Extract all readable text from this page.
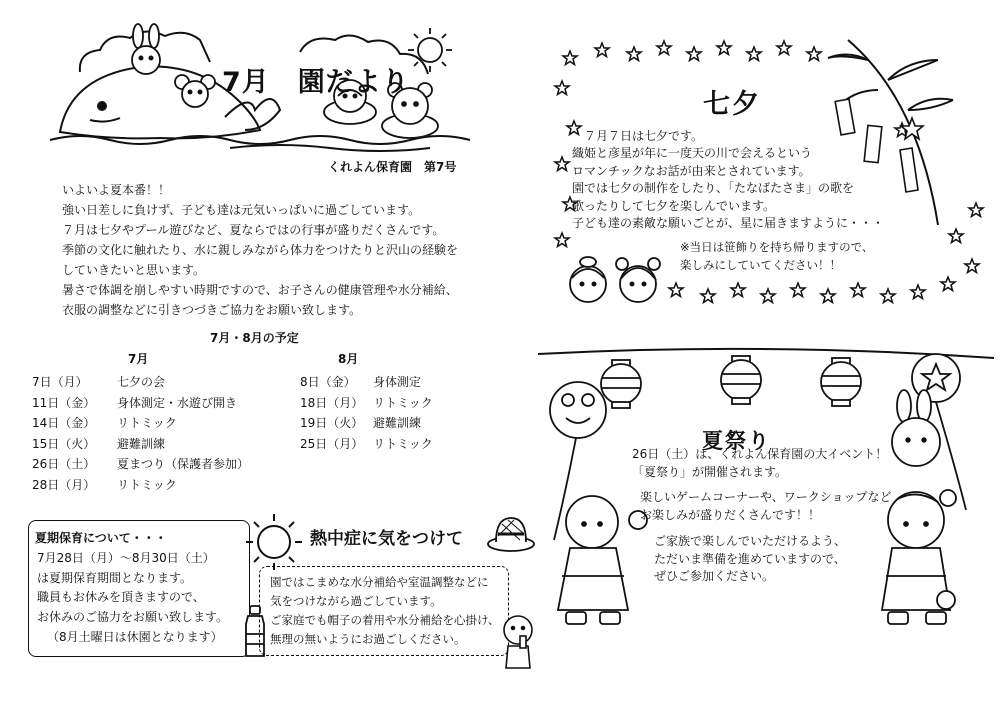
7月　園だより
くれよん保育園　第7号
いよいよ夏本番！！
強い日差しに負けず、子ども達は元気いっぱいに過ごしています。
７月は七夕やプール遊びなど、夏ならではの行事が盛りだくさんです。
季節の文化に触れたり、水に親しみながら体力をつけたりと沢山の経験を
していきたいと思います。
暑さで体調を崩しやすい時期ですので、お子さんの健康管理や水分補給、
衣服の調整などに引きつづきご協力をお願い致します。
7月・8月の予定
7月
7日（月）	七夕の会
11日（金）	身体測定・水遊び開き
14日（金）	リトミック
15日（火）	避難訓練
26日（土）	夏まつり（保護者参加）
28日（月）	リトミック
8月
8日（金）	身体測定
18日（月） リトミック
19日（火） 避難訓練
25日（月） リトミック
夏期保育について・・・
7月28日（月）～8月30日（土）
は夏期保育期間となります。
職員もお休みを頂きますので、
お休みのご協力をお願い致します。
（8月土曜日は休園となります）
熱中症に気をつけて
園ではこまめな水分補給や室温調整などに
気をつけながら過ごしています。
ご家庭でも帽子の着用や水分補給を心掛け、
無理の無いようにお過ごしください。
七夕
　７月７日は七夕です。
織姫と彦星が年に一度天の川で会えるという
ロマンチックなお話が由来とされています。
園では七夕の制作をしたり、「たなばたさま」の歌を
歌ったりして七夕を楽しんでいます。
子ども達の素敵な願いごとが、星に届きますように・・・
※当日は笹飾りを持ち帰りますので、
楽しみにしていてください！！
夏祭り
26日（土）は、くれよん保育園の大イベント！
「夏祭り」が開催されます。
楽しいゲームコーナーや、ワークショップなど
お楽しみが盛りだくさんです！！
ご家族で楽しんでいただけるよう、
ただいま準備を進めていますので、
ぜひご参加ください。
